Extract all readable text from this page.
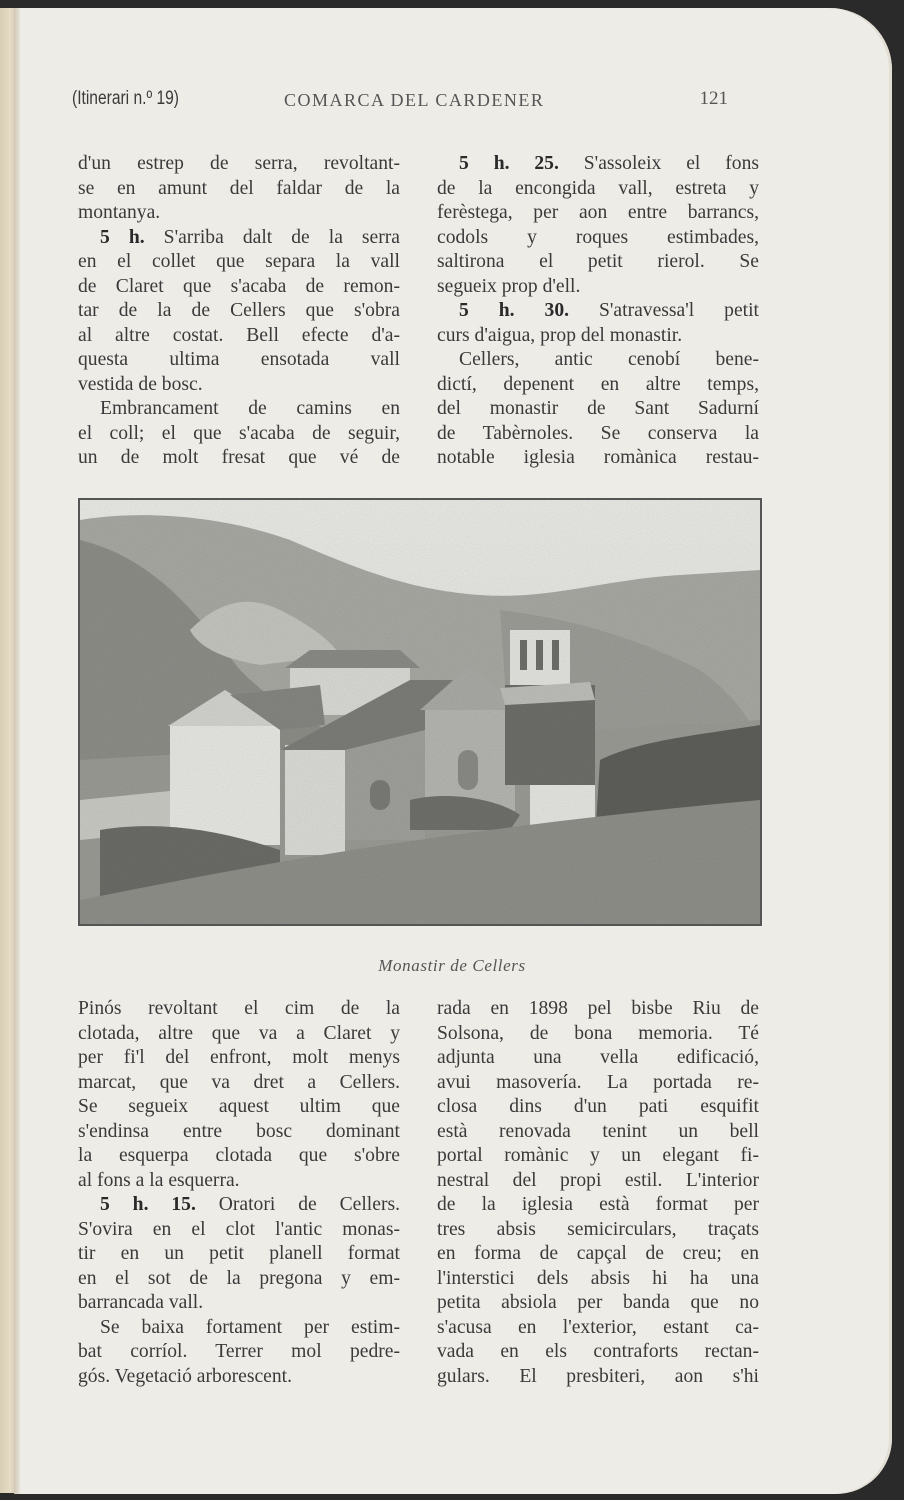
(Itinerari n.º 19)	COMARCA DEL CARDENER	121

d'un estrep de serra, revoltant-

se en amunt del faldar de la

montanya.

5 h. S'arriba dalt de la serra

en el collet que separa la vall

de Claret que s'acaba de remon-

tar de la de Cellers que s'obra

al altre costat. Bell efecte d'a-

questa ultima ensotada vall

vestida de bosc.

Embrancament de camins en

el coll; el que s'acaba de seguir,

un de molt fresat que vé de

5 h. 25. S'assoleix el fons

de la encongida vall, estreta y

ferèstega, per aon entre barrancs,

codols y roques estimbades,

saltirona el petit rierol. Se

segueix prop d'ell.

5 h. 30. S'atravessa'l petit

curs d'aigua, prop del monastir.

Cellers, antic cenobí bene-

dictí, depenent en altre temps,

del monastir de Sant Sadurní

de Tabèrnoles. Se conserva la

notable iglesia romànica restau-

Monastir de Cellers

Pinós revoltant el cim de la

clotada, altre que va a Claret y

per fi'l del enfront, molt menys

marcat, que va dret a Cellers.

Se segueix aquest ultim que

s'endinsa entre bosc dominant

la esquerpa clotada que s'obre

al fons a la esquerra.

5 h. 15. Oratori de Cellers.

S'ovira en el clot l'antic monas-

tir en un petit planell format

en el sot de la pregona y em-

barrancada vall.

Se baixa fortament per estim-

bat corríol. Terrer mol pedre-

gós. Vegetació arborescent.

rada en 1898 pel bisbe Riu de

Solsona, de bona memoria. Té

adjunta una vella edificació,

avui masovería. La portada re-

closa dins d'un pati esquifit

està renovada tenint un bell

portal romànic y un elegant fi-

nestral del propi estil. L'interior

de la iglesia està format per

tres absis semicirculars, traçats

en forma de capçal de creu; en

l'interstici dels absis hi ha una

petita absiola per banda que no

s'acusa en l'exterior, estant ca-

vada en els contraforts rectan-

gulars. El presbiteri, aon s'hi
